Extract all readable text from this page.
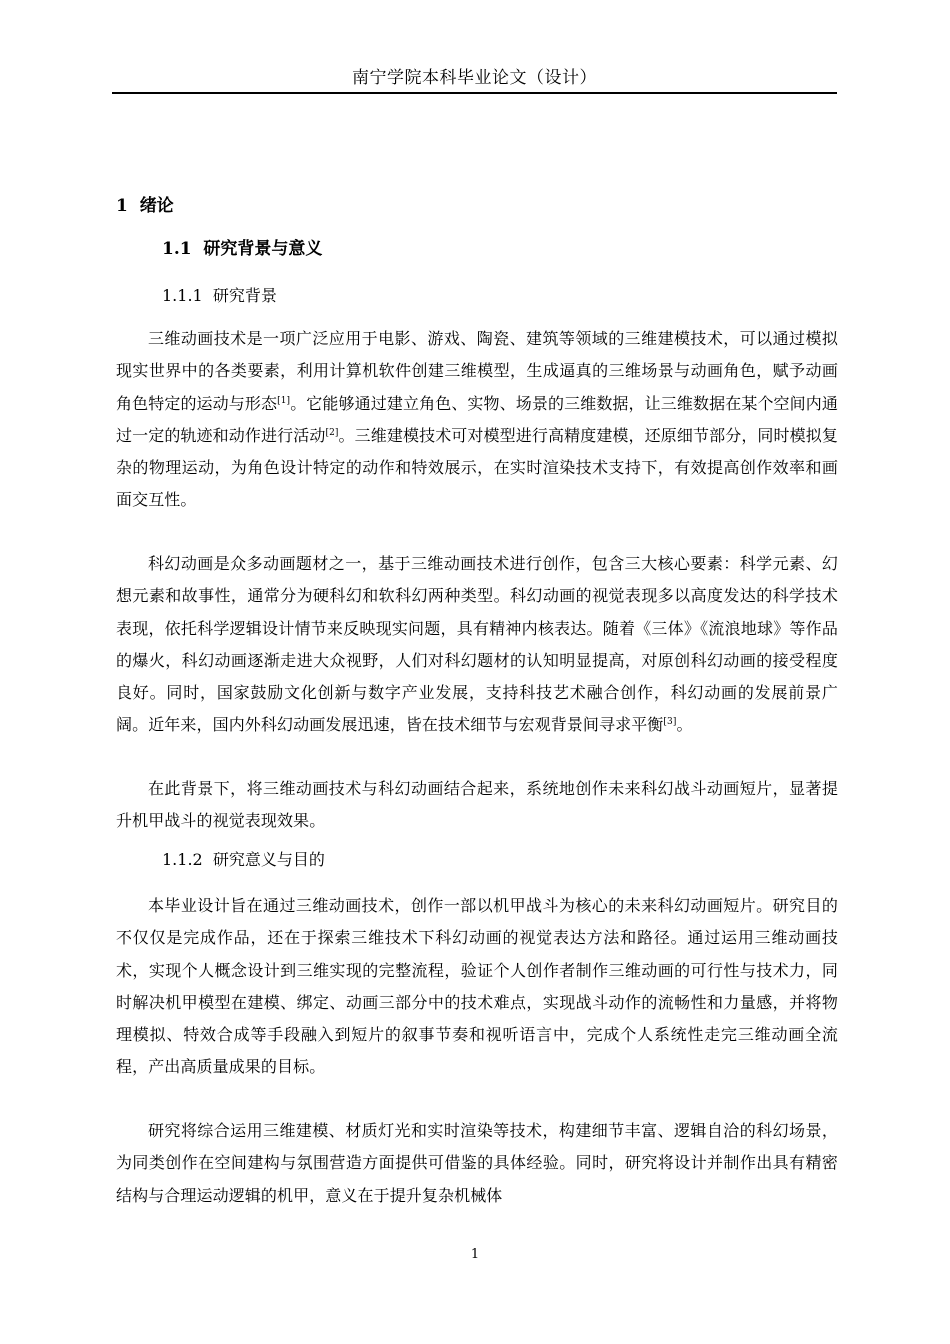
南宁学院本科毕业论文（设计）
1 绪论
1.1 研究背景与意义
1.1.1 研究背景

三维动画技术是一项广泛应用于电影、游戏、陶瓷、建筑等领域的三维建模技术，可以通过模拟现实世界中的各类要素，利用计算机软件创建三维模型，生成逼真的三维场景与动画角色，赋予动画角色特定的运动与形态[1]。它能够通过建立角色、实物、场景的三维数据，让三维数据在某个空间内通过一定的轨迹和动作进行活动[2]。三维建模技术可对模型进行高精度建模，还原细节部分，同时模拟复杂的物理运动，为角色设计特定的动作和特效展示，在实时渲染技术支持下，有效提高创作效率和画面交互性。

科幻动画是众多动画题材之一，基于三维动画技术进行创作，包含三大核心要素：科学元素、幻想元素和故事性，通常分为硬科幻和软科幻两种类型。科幻动画的视觉表现多以高度发达的科学技术表现，依托科学逻辑设计情节来反映现实问题，具有精神内核表达。随着《三体》《流浪地球》等作品的爆火，科幻动画逐渐走进大众视野，人们对科幻题材的认知明显提高，对原创科幻动画的接受程度良好。同时，国家鼓励文化创新与数字产业发展，支持科技艺术融合创作，科幻动画的发展前景广阔。近年来，国内外科幻动画发展迅速，皆在技术细节与宏观背景间寻求平衡[3]。

在此背景下，将三维动画技术与科幻动画结合起来，系统地创作未来科幻战斗动画短片，显著提升机甲战斗的视觉表现效果。

1.1.2 研究意义与目的

本毕业设计旨在通过三维动画技术，创作一部以机甲战斗为核心的未来科幻动画短片。研究目的不仅仅是完成作品，还在于探索三维技术下科幻动画的视觉表达方法和路径。通过运用三维动画技术，实现个人概念设计到三维实现的完整流程，验证个人创作者制作三维动画的可行性与技术力，同时解决机甲模型在建模、绑定、动画三部分中的技术难点，实现战斗动作的流畅性和力量感，并将物理模拟、特效合成等手段融入到短片的叙事节奏和视听语言中，完成个人系统性走完三维动画全流程，产出高质量成果的目标。

研究将综合运用三维建模、材质灯光和实时渲染等技术，构建细节丰富、逻辑自洽的科幻场景，为同类创作在空间建构与氛围营造方面提供可借鉴的具体经验。同时，研究将设计并制作出具有精密结构与合理运动逻辑的机甲，意义在于提升复杂机械体

1
